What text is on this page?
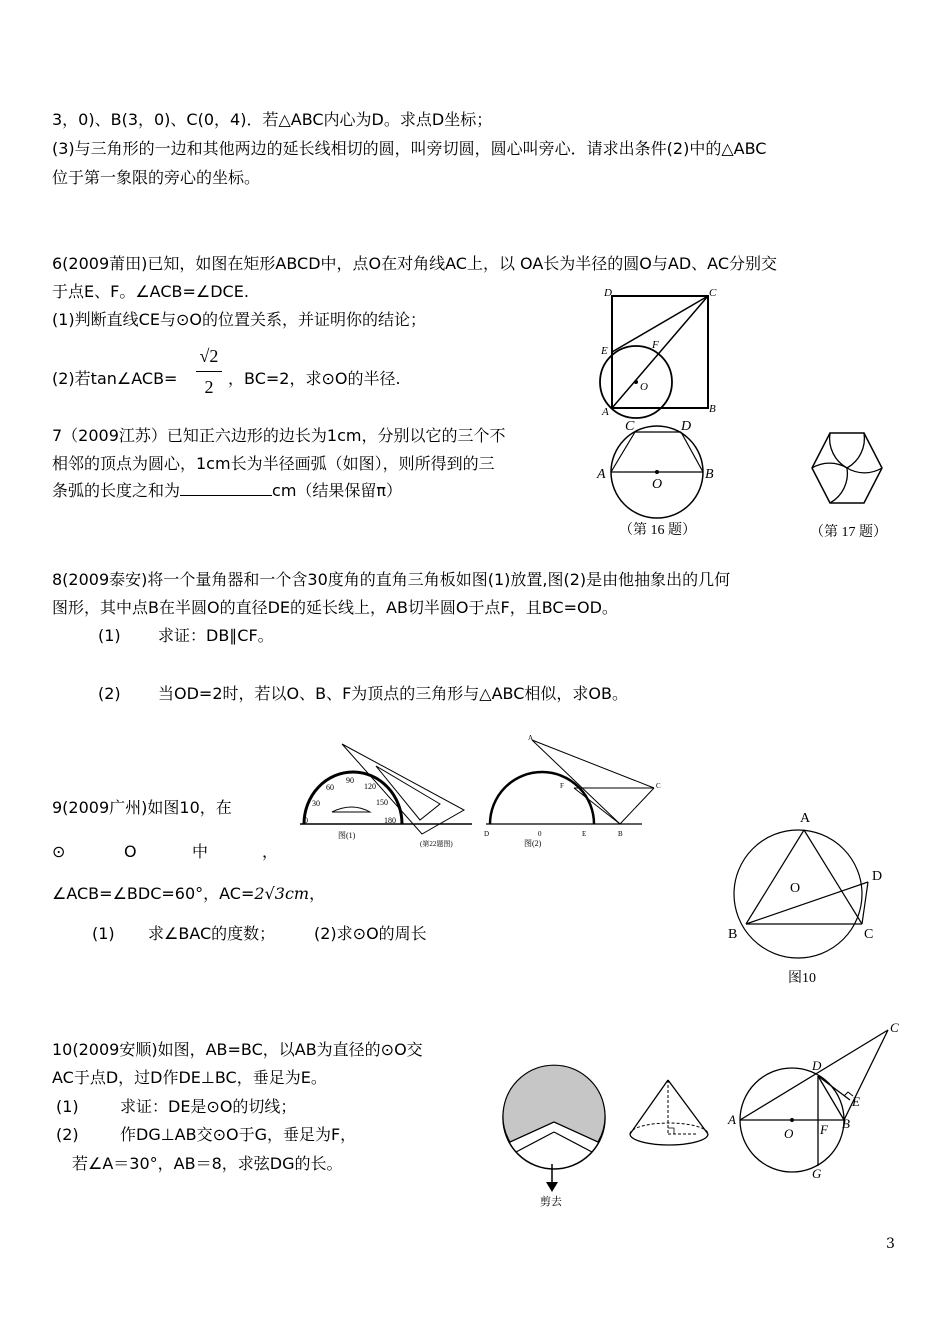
3，0)、B(3，0)、C(0，4)．若△ABC内心为D。求点D坐标；
(3)与三角形的一边和其他两边的延长线相切的圆，叫旁切圆，圆心叫旁心．请求出条件(2)中的△ABC
位于第一象限的旁心的坐标。
6(2009莆田)已知，如图在矩形ABCD中，点O在对角线AC上，以 OA长为半径的圆O与AD、AC分别交
于点E、F。∠ACB=∠DCE.
(1)判断直线CE与⊙O的位置关系，并证明你的结论；
(2)若tan∠ACB=
√2
2 ，BC=2，求⊙O的半径.
D	C
E	F
O
A	B
7（2009江苏）已知正六边形的边长为1cm，分别以它的三个不
相邻的顶点为圆心，1cm长为半径画弧（如图），则所得到的三
条弧的长度之和为	cm（结果保留π）
C	D
A	B
O
（第 16 题）	（第 17 题）
8(2009泰安)将一个量角器和一个含30度角的直角三角板如图(1)放置,图(2)是由他抽象出的几何
图形，其中点B在半圆O的直径DE的延长线上，AB切半圆O于点F，且BC=OD。
(1) 求证：DB∥CF。
(2) 当OD=2时，若以O、B、F为顶点的三角形与△ABC相似，求OB。
0
30
60
90
120
150
180
图(1)
(第22题图)
A
F	C
D	0	E	B
图(2)
9(2009广州)如图10，在
⊙	O	中	，
∠ACB=∠BDC=60°，AC=2√3cm，
(1) 求∠BAC的度数； (2)求⊙O的周长
A
D
O
B	C
图10
10(2009安顺)如图，AB=BC，以AB为直径的⊙O交
AC于点D，过D作DE⊥BC，垂足为E。
(1)	求证：DE是⊙O的切线；
(2)	作DG⊥AB交⊙O于G，垂足为F，
若∠A＝30°，AB＝8，求弦DG的长。
剪去
C
D
E
A
O F B
G
3
